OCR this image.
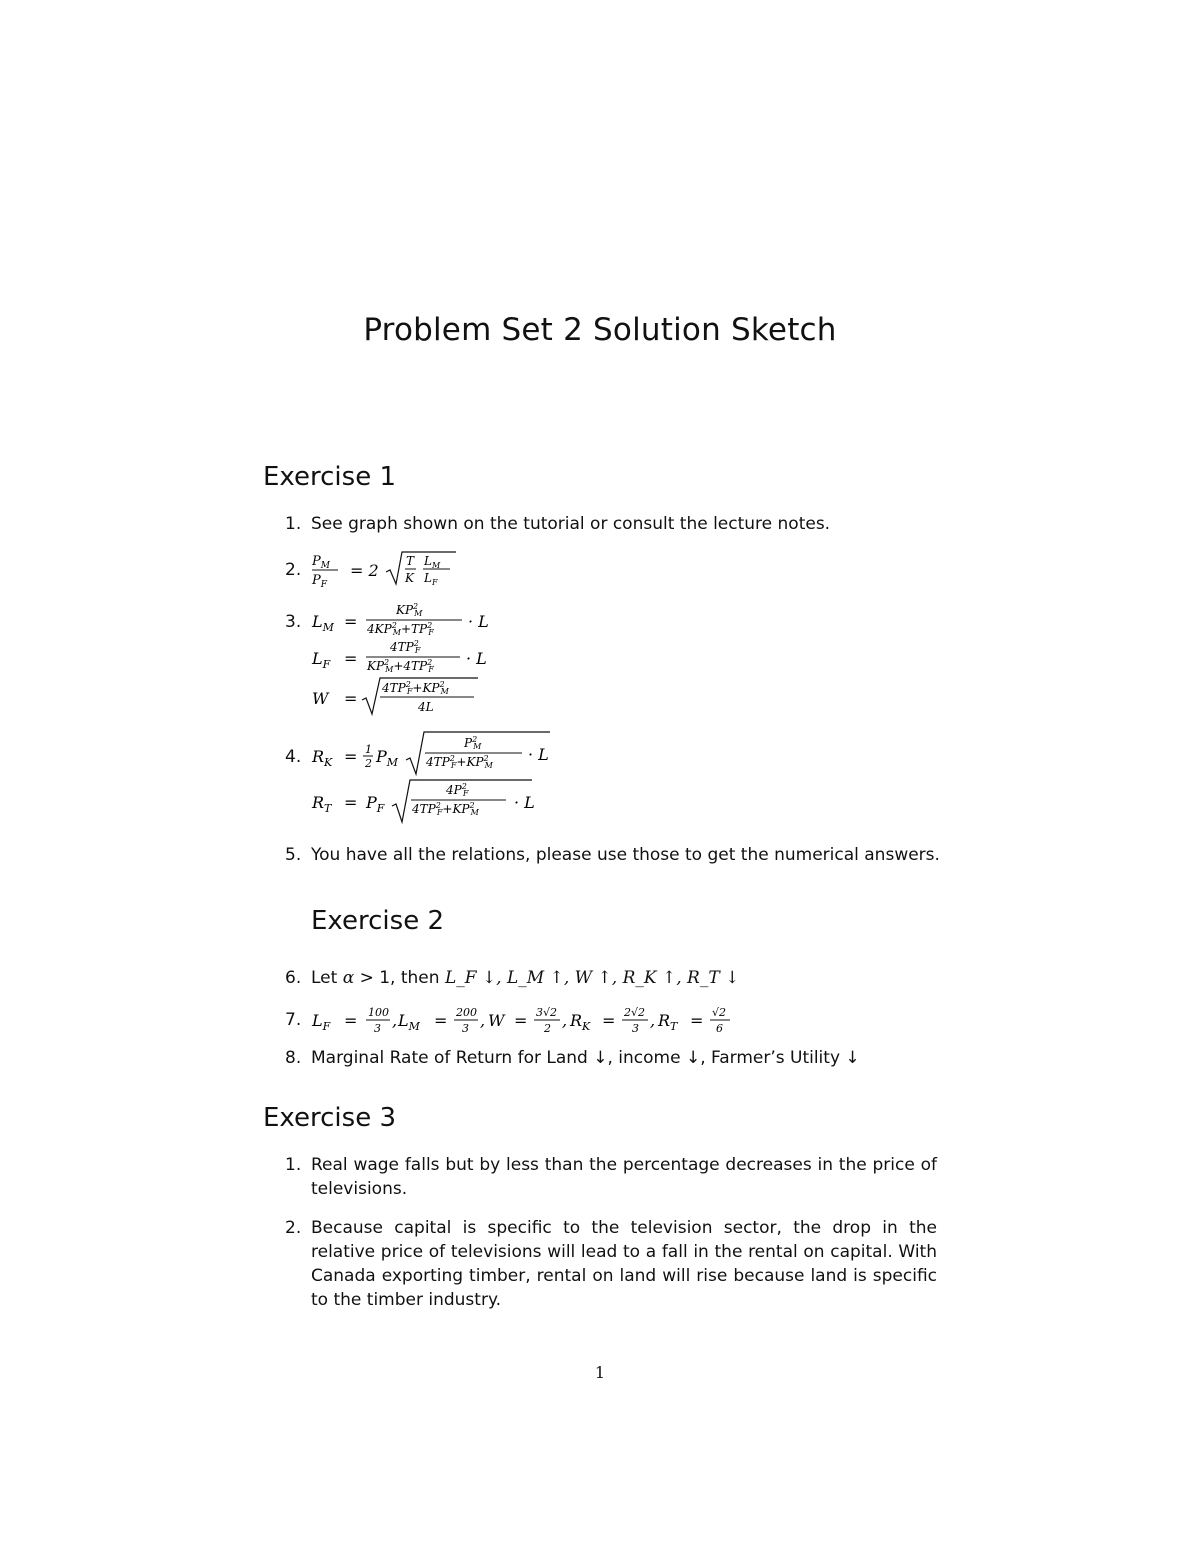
Problem Set 2 Solution Sketch
Exercise 1
1. See graph shown on the tutorial or consult the lecture notes.
2. $P_M$
$P_F$
= 2 T
K
$L_M$
$L_F$
3. $L_M$ =
$KP^2$ M
$4KP^2$ $M+TP^2$ F
· L
$L_F$ =
$4TP^2$ F
$KP^2$ $M+4TP^2$ F
· L
W =
$4TP^2$ $F+KP^2$ M
4L
4. $R_K = 1$
2 $P_M$
$P^2$ M
$4TP^2$ $F+KP^2$ M
· L
$R_T = P_F$
$4P^2$ F
$4TP^2$ $F+KP^2$ M
· L
5. You have all the relations, please use those to get the numerical answers.
Exercise 2
6. Let α > 1, then L_F ↓, L_M ↑, W ↑, R_K ↑, R_T ↓
7. $L_F = 100$
3 , $L_M = 200$
3 , W = 3√2
2 , $R_K = 2√2$
3 , $R_T = √2$
6
8. Marginal Rate of Return for Land ↓, income ↓, Farmer’s Utility ↓
Exercise 3
1. Real wage falls but by less than the percentage decreases in the price of televisions.
2. Because capital is specific to the television sector, the drop in the relative price of televisions will lead to a fall in the rental on capital. With Canada exporting timber, rental on land will rise because land is specific to the timber industry.
1
